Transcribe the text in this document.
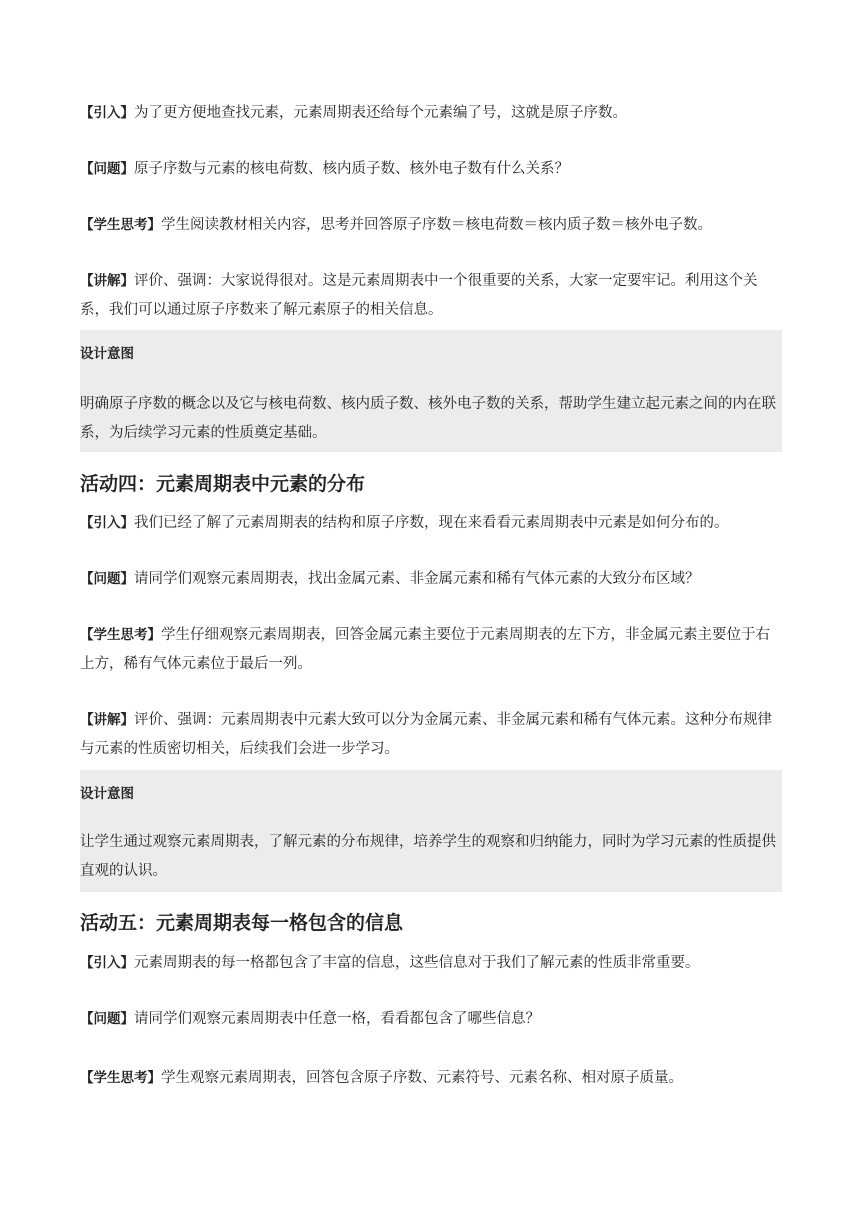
【引入】为了更方便地查找元素，元素周期表还给每个元素编了号，这就是原子序数。

【问题】原子序数与元素的核电荷数、核内质子数、核外电子数有什么关系？

【学生思考】学生阅读教材相关内容，思考并回答原子序数＝核电荷数＝核内质子数＝核外电子数。

【讲解】评价、强调：大家说得很对。这是元素周期表中一个很重要的关系，大家一定要牢记。利用这个关系，我们可以通过原子序数来了解元素原子的相关信息。

设计意图

明确原子序数的概念以及它与核电荷数、核内质子数、核外电子数的关系，帮助学生建立起元素之间的内在联系，为后续学习元素的性质奠定基础。

活动四：元素周期表中元素的分布

【引入】我们已经了解了元素周期表的结构和原子序数，现在来看看元素周期表中元素是如何分布的。

【问题】请同学们观察元素周期表，找出金属元素、非金属元素和稀有气体元素的大致分布区域？

【学生思考】学生仔细观察元素周期表，回答金属元素主要位于元素周期表的左下方，非金属元素主要位于右上方，稀有气体元素位于最后一列。

【讲解】评价、强调：元素周期表中元素大致可以分为金属元素、非金属元素和稀有气体元素。这种分布规律与元素的性质密切相关，后续我们会进一步学习。

设计意图

让学生通过观察元素周期表，了解元素的分布规律，培养学生的观察和归纳能力，同时为学习元素的性质提供直观的认识。

活动五：元素周期表每一格包含的信息

【引入】元素周期表的每一格都包含了丰富的信息，这些信息对于我们了解元素的性质非常重要。

【问题】请同学们观察元素周期表中任意一格，看看都包含了哪些信息？

【学生思考】学生观察元素周期表，回答包含原子序数、元素符号、元素名称、相对原子质量。
